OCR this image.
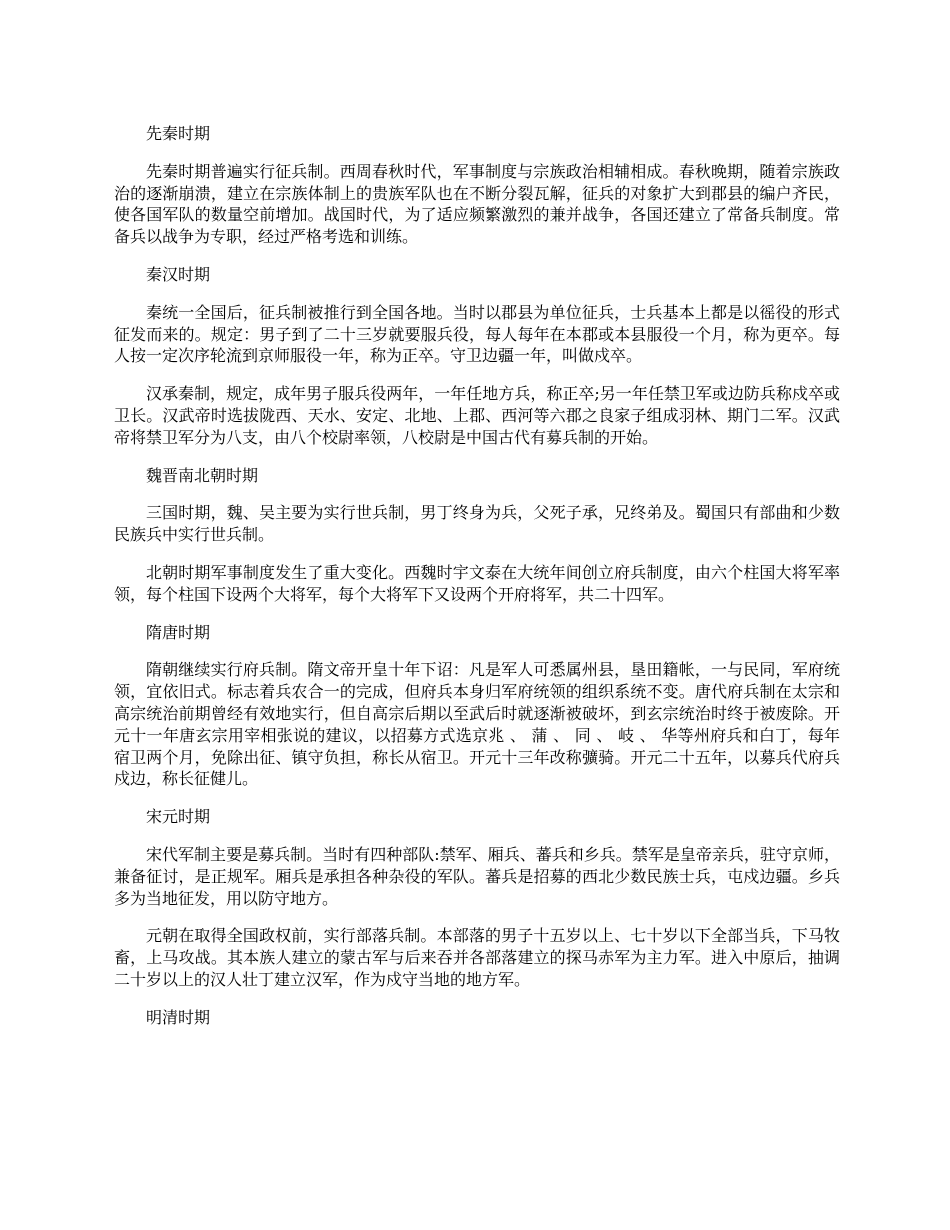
先秦时期

先秦时期普遍实行征兵制。西周春秋时代，军事制度与宗族政治相辅相成。春秋晚期，随着宗族政治的逐渐崩溃，建立在宗族体制上的贵族军队也在不断分裂瓦解，征兵的对象扩大到郡县的编户齐民，使各国军队的数量空前增加。战国时代，为了适应频繁激烈的兼并战争，各国还建立了常备兵制度。常备兵以战争为专职，经过严格考选和训练。

秦汉时期

秦统一全国后，征兵制被推行到全国各地。当时以郡县为单位征兵，士兵基本上都是以徭役的形式征发而来的。规定：男子到了二十三岁就要服兵役，每人每年在本郡或本县服役一个月，称为更卒。每人按一定次序轮流到京师服役一年，称为正卒。守卫边疆一年，叫做戍卒。

汉承秦制，规定，成年男子服兵役两年，一年任地方兵，称正卒;另一年任禁卫军或边防兵称戍卒或卫长。汉武帝时选拔陇西、天水、安定、北地、上郡、西河等六郡之良家子组成羽林、期门二军。汉武帝将禁卫军分为八支，由八个校尉率领，八校尉是中国古代有募兵制的开始。

魏晋南北朝时期

三国时期，魏、吴主要为实行世兵制，男丁终身为兵，父死子承，兄终弟及。蜀国只有部曲和少数民族兵中实行世兵制。

北朝时期军事制度发生了重大变化。西魏时宇文泰在大统年间创立府兵制度，由六个柱国大将军率领，每个柱国下设两个大将军，每个大将军下又设两个开府将军，共二十四军。

隋唐时期

隋朝继续实行府兵制。隋文帝开皇十年下诏：凡是军人可悉属州县，垦田籍帐，一与民同，军府统领，宜依旧式。标志着兵农合一的完成，但府兵本身归军府统领的组织系统不变。唐代府兵制在太宗和高宗统治前期曾经有效地实行，但自高宗后期以至武后时就逐渐被破坏，到玄宗统治时终于被废除。开元十一年唐玄宗用宰相张说的建议，以招募方式选京兆 、 蒲 、 同 、 岐 、 华等州府兵和白丁，每年宿卫两个月，免除出征、镇守负担，称长从宿卫。开元十三年改称彍骑。开元二十五年，以募兵代府兵戍边，称长征健儿。

宋元时期

宋代军制主要是募兵制。当时有四种部队:禁军、厢兵、蕃兵和乡兵。禁军是皇帝亲兵，驻守京师，兼备征讨，是正规军。厢兵是承担各种杂役的军队。蕃兵是招募的西北少数民族士兵，屯戍边疆。乡兵多为当地征发，用以防守地方。

元朝在取得全国政权前，实行部落兵制。本部落的男子十五岁以上、七十岁以下全部当兵，下马牧畜，上马攻战。其本族人建立的蒙古军与后来吞并各部落建立的探马赤军为主力军。进入中原后，抽调二十岁以上的汉人壮丁建立汉军，作为戍守当地的地方军。

明清时期
